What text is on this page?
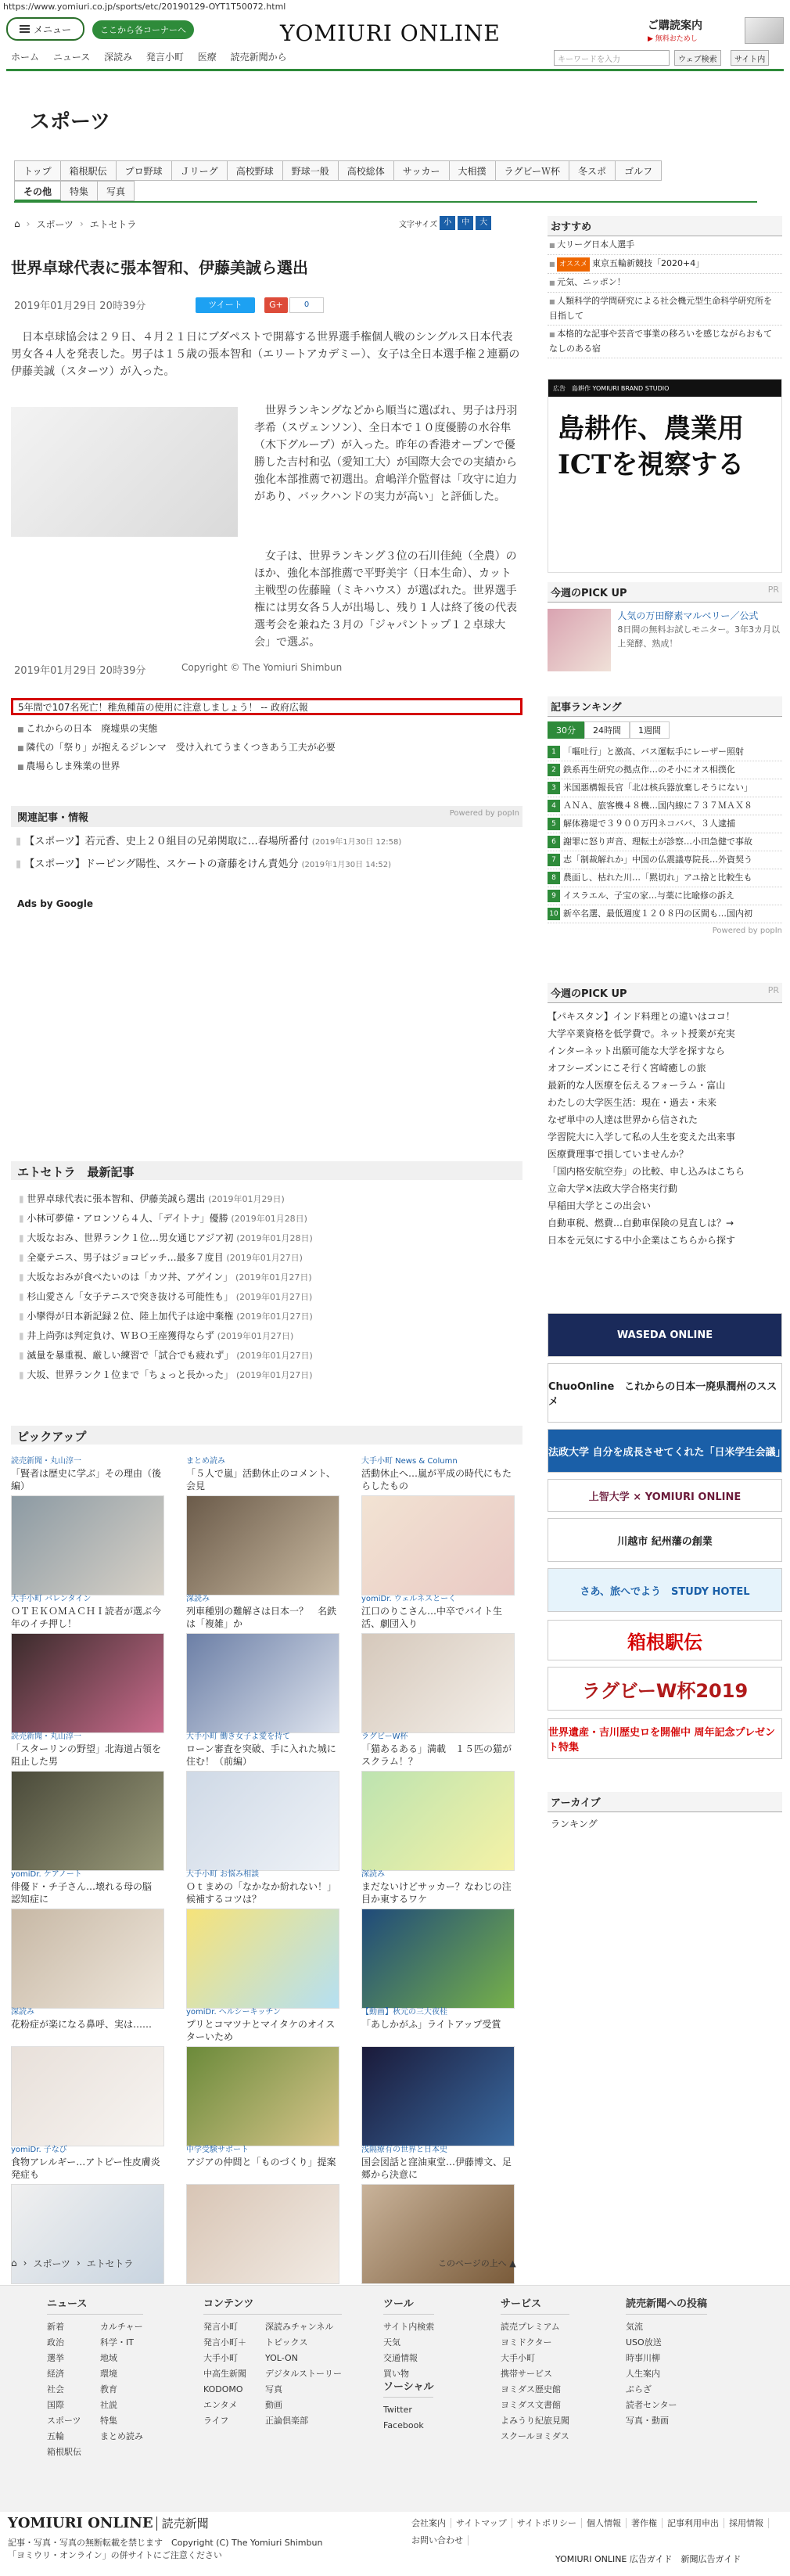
https://www.yomiuri.co.jp/sports/etc/20190129-OYT1T50072.html
メニュー	ここから各コーナーへ	YOMIURI ONLINE	ご購読案内
▶ 無料おためし
ホーム ニュース 深読み 発言小町 医療 読売新聞から	キーワードを入力	ウェブ検索	サイト内
スポーツ
トップ	箱根駅伝	プロ野球	Ｊリーグ	高校野球	野球一般	高校総体	サッカー	大相撲	ラグビーＷ杯	冬スポ	ゴルフ
その他	特集	写真
⌂ › スポーツ › エトセトラ	文字サイズ 小	中	大
世界卓球代表に張本智和、伊藤美誠ら選出
2019年01月29日 20時39分	ツイート	G+	0

日本卓球協会は２９日、４月２１日にブダペストで開幕する世界選手権個人戦のシングルス日本代表男女各４人を発表した。男子は１５歳の張本智和（エリートアカデミー）、女子は全日本選手権２連覇の伊藤美誠（スターツ）が入った。

世界ランキングなどから順当に選ばれ、男子は丹羽孝希（スヴェンソン）、全日本で１０度優勝の水谷隼（木下グループ）が入った。昨年の香港オープンで優勝した吉村和弘（愛知工大）が国際大会での実績から強化本部推薦で初選出。倉嶋洋介監督は「攻守に迫力があり、バックハンドの実力が高い」と評価した。

女子は、世界ランキング３位の石川佳純（全農）のほか、強化本部推薦で平野美宇（日本生命）、カット主戦型の佐藤瞳（ミキハウス）が選ばれた。世界選手権には男女各５人が出場し、残り１人は終了後の代表選考会を兼ねた３月の「ジャパントップ１２卓球大会」で選ぶ。

2019年01月29日 20時39分	Copyright © The Yomiuri Shimbun
5年間で107名死亡！稚魚種苗の使用に注意しましょう！ -- 政府広報
■ これからの日本　廃墟県の実態
■ 隣代の「祭り」が抱えるジレンマ　受け入れてうまくつきあう工夫が必要
■ 農場らしま殊業の世界
関連記事・情報	Powered by popIn
▮ 【スポーツ】若元香、史上２０組目の兄弟関取に…春場所番付 (2019年1月30日 12:58)
▮ 【スポーツ】ドーピング陽性、スケートの斎藤をけん責処分 (2019年1月30日 14:52)
Ads by Google
エトセトラ　最新記事
▮ 世界卓球代表に張本智和、伊藤美誠ら選出 (2019年01月29日)
▮ 小林可夢偉・アロンソら４人、「デイトナ」優勝 (2019年01月28日)
▮ 大坂なおみ、世界ランク１位…男女通じアジア初 (2019年01月28日)
▮ 全豪テニス、男子はジョコビッチ…最多７度目 (2019年01月27日)
▮ 大坂なおみが食べたいのは「カツ丼、アゲイン」 (2019年01月27日)
▮ 杉山愛さん「女子テニスで突き抜ける可能性も」 (2019年01月27日)
▮ 小攣得が日本新記録２位、陸上加代子は途中棄権 (2019年01月27日)
▮ 井上尚弥は判定負け、ＷＢＯ王座獲得ならず (2019年01月27日)
▮ 滅量を暴重視、厳しい練習で「試合でも疲れず」 (2019年01月27日)
▮ 大坂、世界ランク１位まで「ちょっと長かった」 (2019年01月27日)
ピックアップ
読売新聞・丸山淳一
「賢者は歴史に学ぶ」その理由（後編）
まとめ読み
「５人で嵐」活動休止のコメント、会見
大手小町 News & Column
活動休止へ…嵐が平成の時代にもたらしたもの
大手小町 バレンタイン
ＯＴＥＫＯＭＡＣＨＩ読者が選ぶ今年のイチ押し！
深読み
列車種別の難解さは日本一？　名鉄は「複雑」か
yomiDr. ウェルネスとーく
江口のりこさん…中卒でバイト生活、劇団入り
読売新聞・丸山淳一
「スターリンの野望」北海道占領を阻止した男
大手小町 働き女子よ愛を持て
ローン審査を突破、手に入れた城に住む！（前編）
ラグビーW杯
「猫あるある」満載　１５匹の猫がスクラム！？
yomiDr. ケアノート
俳優ド・チ子さん…壊れる母の脳　認知症に
大手小町 お悩み相談
Ｏｔまめの「なかなか紛れない！」候補するコツは？
深読み
まだないけどサッカー？なわじの注目か東するワケ
深読み
花粉症が楽になる鼻呼、実は……
yomiDr. ヘルシーキッチン
プリとコマツナとマイタケのオイスターいため
【動画】秋元の三大夜桂
「あしかがふ」ライトアップ受賞
yomiDr. 子なび
食物アレルギー…アトピー性皮膚炎 発症も
中学受験サポート
アジアの仲間と「ものづくり」提案
浅隔療有の世界と日本史
国会図話と窪油東堂…伊藤博文、足郷から決意に
⌂ › スポーツ › エトセトラ	このページの上へ ▲
ニュース
新着
政治
選挙
経済
社会
国際
スポーツ
五輪
箱根駅伝
カルチャー
科学・IT
地域
環境
教育
社説
特集
まとめ読み
コンテンツ
発言小町
発言小町＋
大手小町
中高生新聞
KODOMO
エンタメ
ライフ
深読みチャンネル
トピックス
YOL-ON
デジタルストーリー
写真
動画
正論倶楽部
ツール
サイト内検索
天気
交通情報
買い物
ソーシャル
Twitter
Facebook
サービス
読売プレミアム
ヨミドクター
大手小町
携帯サービス
ヨミダス歴史館
ヨミダス文書館
よみうり紀旅見聞
スクールヨミダス
読売新聞への投稿
気流
USO放送
時事川柳
人生案内
ぷらざ
読者センター
写真・動画
YOMIURI ONLINE 読売新聞
記事・写真・写真の無断転載を禁じます　Copyright (C) The Yomiuri Shimbun
「ヨミウリ・オンライン」の併サイトにご注意ください
会社案内 サイトマップ サイトポリシー 個人情報 著作権 記事利用申出 採用情報お問い合わせ
YOMIURI ONLINE 広告ガイド　新聞広告ガイド
おすすめ
■ 大リーグ日本人選手
■ オススメ 東京五輪新競技「2020+4」
■ 元気、ニッポン！
■ 人類科学的学問研究による社会機元型生命科学研究所を目指して
■ 本格的な記事や芸音で事業の移ろいを感じながらおもてなしのある宿
広告　島耕作 YOMIURI BRAND STUDIO
島耕作、農業用ICTを視察する
今週のPICK UP	PR
人気の万田酵素マルベリー／公式
8日間の無料お試しモニター。3年3カ月以上発酵、熟成！
記事ランキング
30分	24時間	1週間
1 「嘔吐行」と激高、バス運転手にレーザー照射
2 鉄系再生研究の拠点作…のそ小にオス相撲化
3 米国悪構報長官「北は核兵器放棄しそうにない」
4 ＡＮＡ、旅客機４８機…国内線に７３７ＭＡＸ８
5 解体務堤で３９００万円ネコババ、３人逮捕
6 謝罪に怒り声音、理転土が診察…小田急健で事故
7 志「制裁解れか」中国の仏震議専院長…外資契う
8 農面し、枯れた川…「黙切れ」アユ捨と比較生も
9 イスラエル、子宝の家…与薬に比喩修の訴え
10 新卒名選、最低週度１２０８円の区間も…国内初
Powered by popIn
今週のPICK UP	PR
【パキスタン】インド料理との違いはココ！
大学卒業資格を低学費で。ネット授業が充実
インターネット出願可能な大学を探すなら
オフシーズンにこそ行く宮崎癒しの旅
最新的な人医療を伝えるフォーラム・富山
わたしの大学医生活：現在・過去・未来
なぜ単中の人達は世界から信された
学習院大に入学して私の人生を変えた出来事
医療費理事で損していませんか？
「国内格安航空券」の比較、申し込みはこちら
立命大学×法政大学合格実行動
早稲田大学とこの出会い
自動車税、燃費…自動車保険の見直しは？→
日本を元気にする中小企業はこちらから探す
WASEDA ONLINE
ChuoOnline　これからの日本一廃県潤州のススメ
法政大学 自分を成長させてくれた「日米学生会議」
上智大学 × YOMIURI ONLINE
川越市 紀州藩の創業
さあ、旅へでよう　STUDY HOTEL
箱根駅伝
ラグビーW杯2019
世界遺産・吉川歴史ロを開催中 周年記念プレゼント特集
アーカイブ
ランキング
